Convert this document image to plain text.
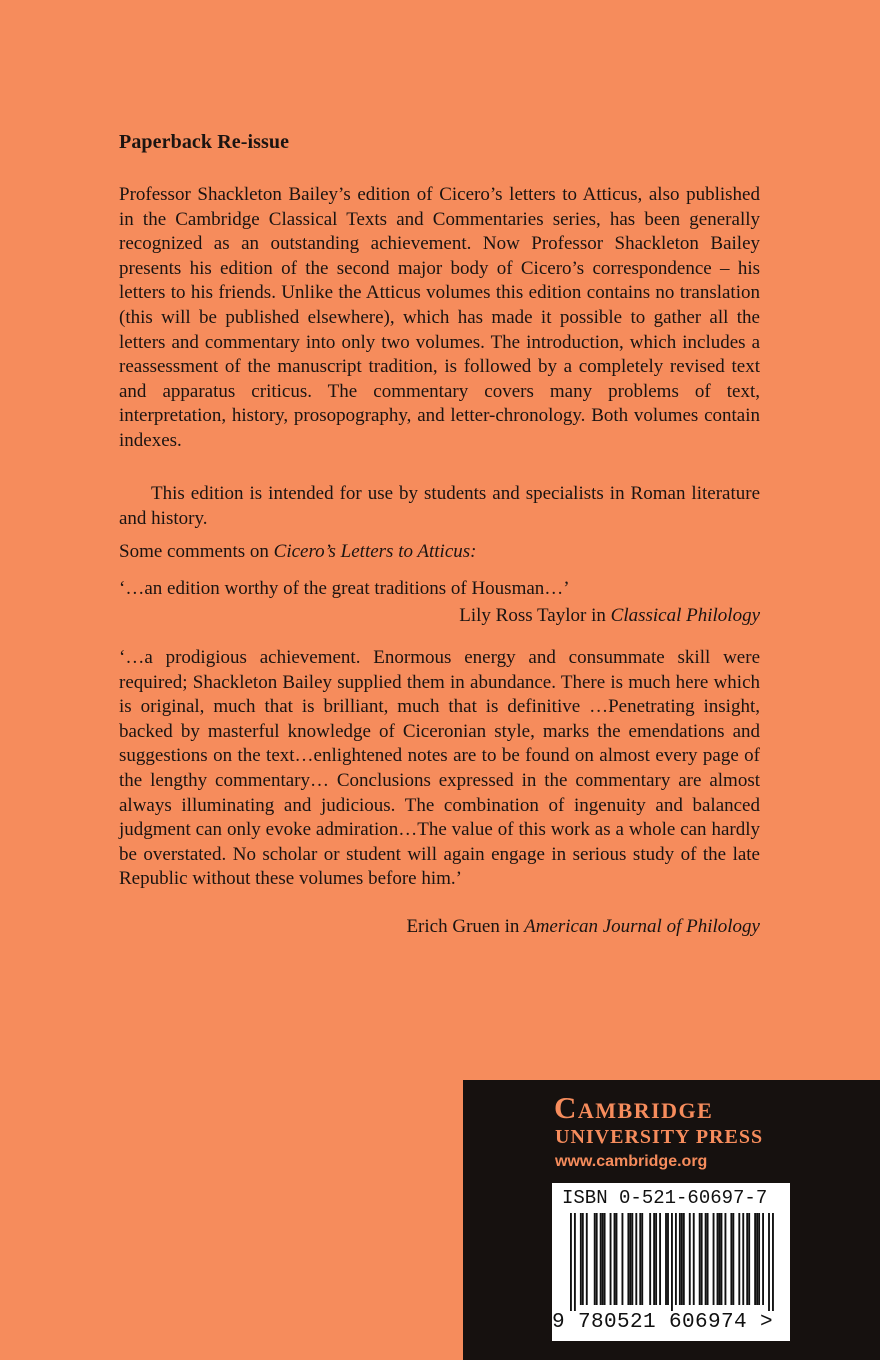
Paperback Re-issue

Professor Shackleton Bailey’s edition of Cicero’s letters to Atticus, also published in the Cambridge Classical Texts and Commentaries series, has been generally recognized as an outstanding achievement. Now Professor Shackleton Bailey presents his edition of the second major body of Cicero’s correspondence – his letters to his friends. Unlike the Atticus volumes this edition contains no translation (this will be published elsewhere), which has made it possible to gather all the letters and commentary into only two volumes. The introduction, which includes a reassessment of the manuscript tradition, is followed by a completely revised text and apparatus criticus. The commentary covers many problems of text, interpretation, history, prosopography, and letter-chronology. Both volumes contain indexes.

This edition is intended for use by students and specialists in Roman literature and history.

Some comments on Cicero’s Letters to Atticus:
‘…an edition worthy of the great traditions of Housman…’
Lily Ross Taylor in Classical Philology

‘…a prodigious achievement. Enormous energy and consummate skill were required; Shackleton Bailey supplied them in abundance. There is much here which is original, much that is brilliant, much that is definitive …Penetrating insight, backed by masterful knowledge of Ciceronian style, marks the emendations and suggestions on the text…enlightened notes are to be found on almost every page of the lengthy commentary… Conclusions expressed in the commentary are almost always illuminating and judicious. The combination of ingenuity and balanced judgment can only evoke admiration…The value of this work as a whole can hardly be overstated. No scholar or student will again engage in serious study of the late Republic without these volumes before him.’

Erich Gruen in American Journal of Philology
Cambridge
UNIVERSITY PRESS
www.cambridge.org
ISBN 0-521-60697-7
9 780521 606974 >
